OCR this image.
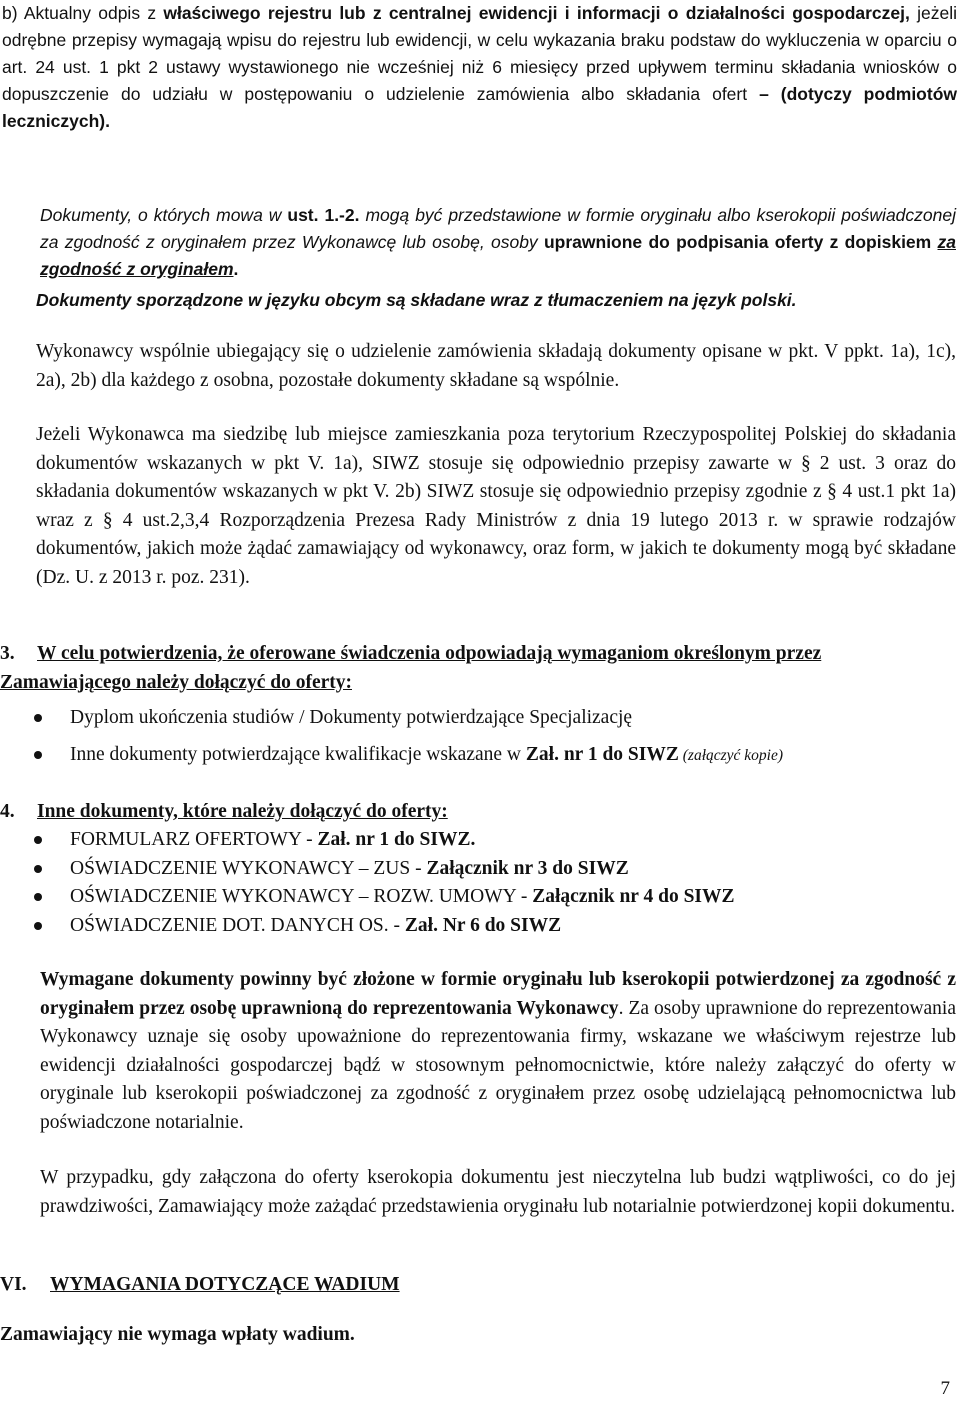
b) Aktualny odpis z właściwego rejestru lub z centralnej ewidencji i informacji o działalności gospodarczej, jeżeli odrębne przepisy wymagają wpisu do rejestru lub ewidencji, w celu wykazania braku podstaw do wykluczenia w oparciu o art. 24 ust. 1 pkt 2 ustawy wystawionego nie wcześniej niż 6 miesięcy przed upływem terminu składania wniosków o dopuszczenie do udziału w postępowaniu o udzielenie zamówienia albo składania ofert – (dotyczy podmiotów leczniczych).

Dokumenty, o których mowa w ust. 1.-2. mogą być przedstawione w formie oryginału albo kserokopii poświadczonej za zgodność z oryginałem przez Wykonawcę lub osobę, osoby uprawnione do podpisania oferty z dopiskiem za zgodność z oryginałem.

Dokumenty sporządzone w języku obcym są składane wraz z tłumaczeniem na język polski.

Wykonawcy wspólnie ubiegający się o udzielenie zamówienia składają dokumenty opisane w pkt. V ppkt. 1a), 1c), 2a), 2b) dla każdego z osobna, pozostałe dokumenty składane są wspólnie.

Jeżeli Wykonawca ma siedzibę lub miejsce zamieszkania poza terytorium Rzeczypospolitej Polskiej do składania dokumentów wskazanych w pkt V. 1a), SIWZ stosuje się odpowiednio przepisy zawarte w § 2 ust. 3 oraz do składania dokumentów wskazanych w pkt V. 2b) SIWZ stosuje się odpowiednio przepisy zgodnie z § 4 ust.1 pkt 1a) wraz z § 4 ust.2,3,4 Rozporządzenia Prezesa Rady Ministrów z dnia 19 lutego 2013 r. w sprawie rodzajów dokumentów, jakich może żądać zamawiający od wykonawcy, oraz form, w jakich te dokumenty mogą być składane (Dz. U. z 2013 r. poz. 231).

3. W celu potwierdzenia, że oferowane świadczenia odpowiadają wymaganiom określonym przez Zamawiającego należy dołączyć do oferty:
Dyplom ukończenia studiów / Dokumenty potwierdzające Specjalizację
Inne dokumenty potwierdzające kwalifikacje wskazane w Zał. nr 1 do SIWZ (załączyć kopie)
4. Inne dokumenty, które należy dołączyć do oferty:
FORMULARZ OFERTOWY - Zał. nr 1 do SIWZ.
OŚWIADCZENIE WYKONAWCY – ZUS - Załącznik nr 3 do SIWZ
OŚWIADCZENIE WYKONAWCY – ROZW. UMOWY - Załącznik nr 4 do SIWZ
OŚWIADCZENIE DOT. DANYCH OS. - Zał. Nr 6 do SIWZ

Wymagane dokumenty powinny być złożone w formie oryginału lub kserokopii potwierdzonej za zgodność z oryginałem przez osobę uprawnioną do reprezentowania Wykonawcy. Za osoby uprawnione do reprezentowania Wykonawcy uznaje się osoby upoważnione do reprezentowania firmy, wskazane we właściwym rejestrze lub ewidencji działalności gospodarczej bądź w stosownym pełnomocnictwie, które należy załączyć do oferty w oryginale lub kserokopii poświadczonej za zgodność z oryginałem przez osobę udzielającą pełnomocnictwa lub poświadczone notarialnie.

W przypadku, gdy załączona do oferty kserokopia dokumentu jest nieczytelna lub budzi wątpliwości, co do jej prawdziwości, Zamawiający może zażądać przedstawienia oryginału lub notarialnie potwierdzonej kopii dokumentu.

VI. WYMAGANIA DOTYCZĄCE WADIUM

Zamawiający nie wymaga wpłaty wadium.

7
